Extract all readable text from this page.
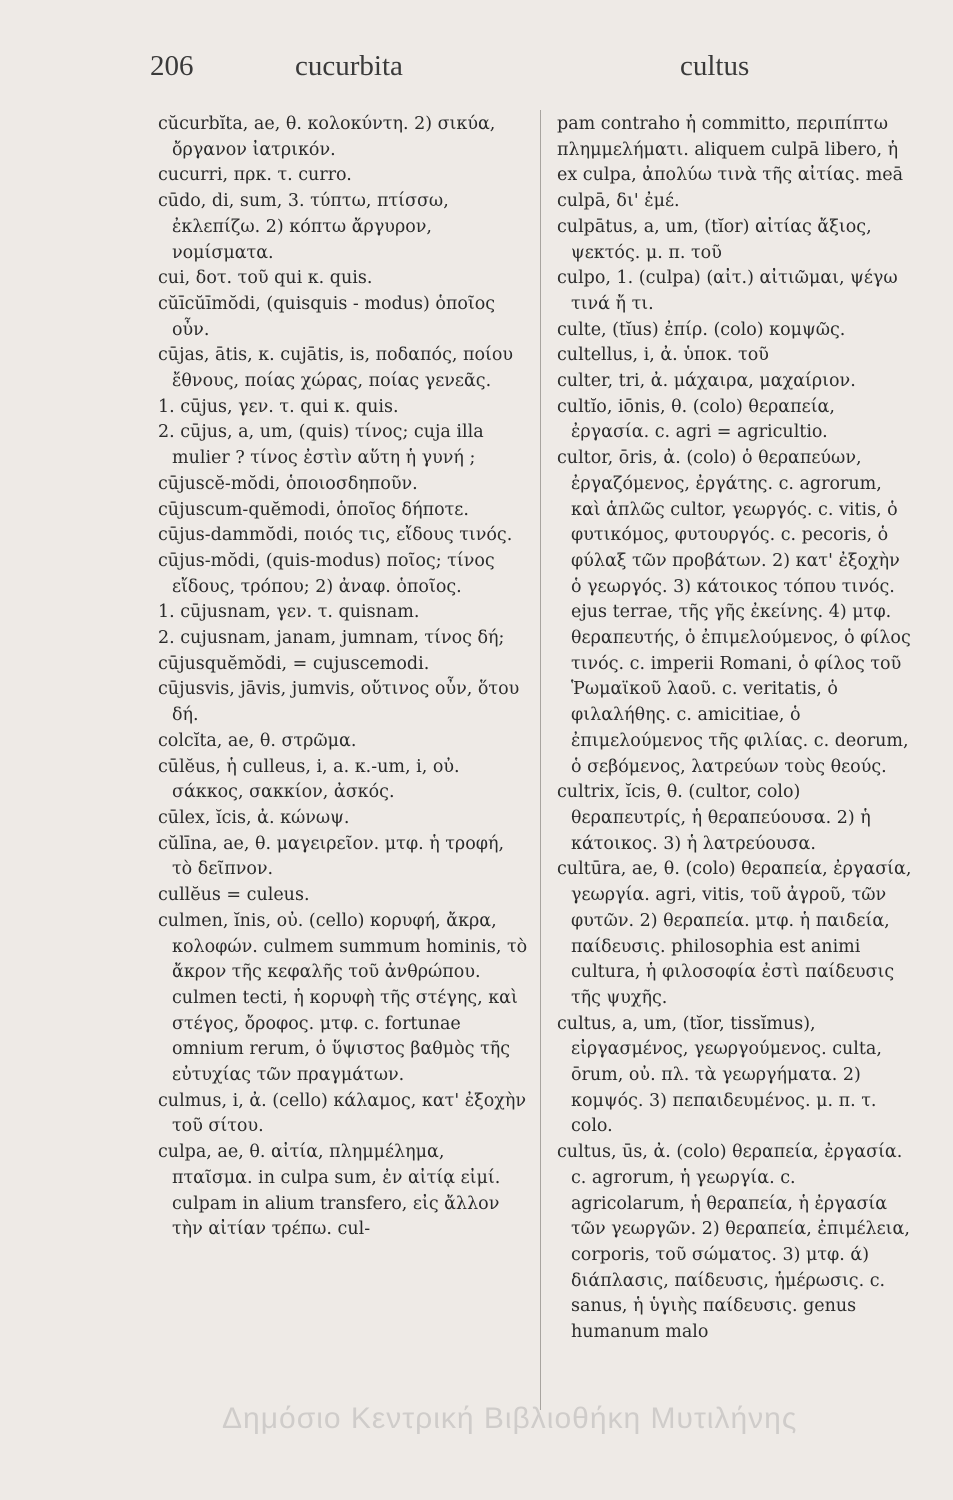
206	cucurbita	cultus

cŭcurbĭta, ae, θ. κολοκύντη. 2) σικύα, ὄργανον ἰατρικόν.

cucurri, πρκ. τ. curro.

cūdo, di, sum, 3. τύπτω, πτίσσω, ἐκλεπίζω. 2) κόπτω ἄργυρον, νομίσματα.

cui, δοτ. τοῦ qui κ. quis.

cŭīcŭīmŏdi, (quisquis - modus) ὁποῖος οὖν.

cūjas, ātis, κ. cujātis, is, ποδαπός, ποίου ἔθνους, ποίας χώρας, ποίας γενεᾶς.

1. cūjus, γεν. τ. qui κ. quis.

2. cūjus, a, um, (quis) τίνος; cuja illa mulier ? τίνος ἐστὶν αὕτη ἡ γυνή ;

cūjuscĕ-mŏdi, ὁποιοσδηποῦν.

cūjuscum-quĕmodi, ὁποῖος δήποτε.

cūjus-dammŏdi, ποιός τις, εἴδους τινός.

cūjus-mŏdi, (quis-modus) ποῖος; τίνος εἴδους, τρόπου; 2) ἀναφ. ὁποῖος.

1. cūjusnam, γεν. τ. quisnam.

2. cujusnam, janam, jumnam, τίνος δή;

cūjusquĕmŏdi, = cujuscemodi.

cūjusvis, jāvis, jumvis, οὔτινος οὖν, ὅτου δή.

colcĭta, ae, θ. στρῶμα.

cūlĕus, ἡ culleus, i, a. κ.-um, i, οὐ. σάκκος, σακκίον, ἀσκός.

cūlex, ĭcis, ἀ. κώνωψ.

cŭlīna, ae, θ. μαγειρεῖον. μτφ. ἡ τροφή, τὸ δεῖπνον.

cullĕus = culeus.

culmen, ĭnis, οὐ. (cello) κορυφή, ἄκρα, κολοφών. culmem summum hominis, τὸ ἄκρον τῆς κεφαλῆς τοῦ ἀνθρώπου. culmen tecti, ἡ κορυφὴ τῆς στέγης, καὶ στέγος, ὄροφος. μτφ. c. fortunae omnium rerum, ὁ ὕψιστος βαθμὸς τῆς εὐτυχίας τῶν πραγμάτων.

culmus, i, ἀ. (cello) κάλαμος, κατ' ἐξοχὴν τοῦ σίτου.

culpa, ae, θ. αἰτία, πλημμέλημα, πταῖσμα. in culpa sum, ἐν αἰτίᾳ εἰμί. culpam in alium transfero, εἰς ἄλλον τὴν αἰτίαν τρέπω. cul-

pam contraho ἡ committo, περιπίπτω πλημμελήματι. aliquem culpā libero, ἡ ex culpa, ἀπολύω τινὰ τῆς αἰτίας. meā culpā, δι' ἐμέ.

culpātus, a, um, (tĭor) αἰτίας ἄξιος, ψεκτός. μ. π. τοῦ

culpo, 1. (culpa) (αἰτ.) αἰτιῶμαι, ψέγω τινά ἤ τι.

culte, (tĭus) ἐπίρ. (colo) κομψῶς.

cultellus, i, ἀ. ὑποκ. τοῦ

culter, tri, ἀ. μάχαιρα, μαχαίριον.

cultĭo, iōnis, θ. (colo) θεραπεία, ἐργασία. c. agri = agricultio.

cultor, ōris, ἀ. (colo) ὁ θεραπεύων, ἐργαζόμενος, ἐργάτης. c. agrorum, καὶ ἁπλῶς cultor, γεωργός. c. vitis, ὁ φυτικόμος, φυτουργός. c. pecoris, ὁ φύλαξ τῶν προβάτων. 2) κατ' ἐξοχὴν ὁ γεωργός. 3) κάτοικος τόπου τινός. ejus terrae, τῆς γῆς ἐκείνης. 4) μτφ. θεραπευτής, ὁ ἐπιμελούμενος, ὁ φίλος τινός. c. imperii Romani, ὁ φίλος τοῦ Ῥωμαϊκοῦ λαοῦ. c. veritatis, ὁ φιλαλήθης. c. amicitiae, ὁ ἐπιμελούμενος τῆς φιλίας. c. deorum, ὁ σεβόμενος, λατρεύων τοὺς θεούς.

cultrix, ĭcis, θ. (cultor, colo) θεραπευτρίς, ἡ θεραπεύουσα. 2) ἡ κάτοικος. 3) ἡ λατρεύουσα.

cultūra, ae, θ. (colo) θεραπεία, ἐργασία, γεωργία. agri, vitis, τοῦ ἀγροῦ, τῶν φυτῶν. 2) θεραπεία. μτφ. ἡ παιδεία, παίδευσις. philosophia est animi cultura, ἡ φιλοσοφία ἐστὶ παίδευσις τῆς ψυχῆς.

cultus, a, um, (tĭor, tissĭmus), εἰργασμένος, γεωργούμενος. culta, ōrum, οὐ. πλ. τὰ γεωργήματα. 2) κομψός. 3) πεπαιδευμένος. μ. π. τ. colo.

cultus, ūs, ἀ. (colo) θεραπεία, ἐργασία. c. agrorum, ἡ γεωργία. c. agricolarum, ἡ θεραπεία, ἡ ἐργασία τῶν γεωργῶν. 2) θεραπεία, ἐπιμέλεια, corporis, τοῦ σώματος. 3) μτφ. ά) διάπλασις, παίδευσις, ἡμέρωσις. c. sanus, ἡ ὑγιὴς παίδευσις. genus humanum malo

Δημόσιο Κεντρική Βιβλιοθήκη Μυτιλήνης
